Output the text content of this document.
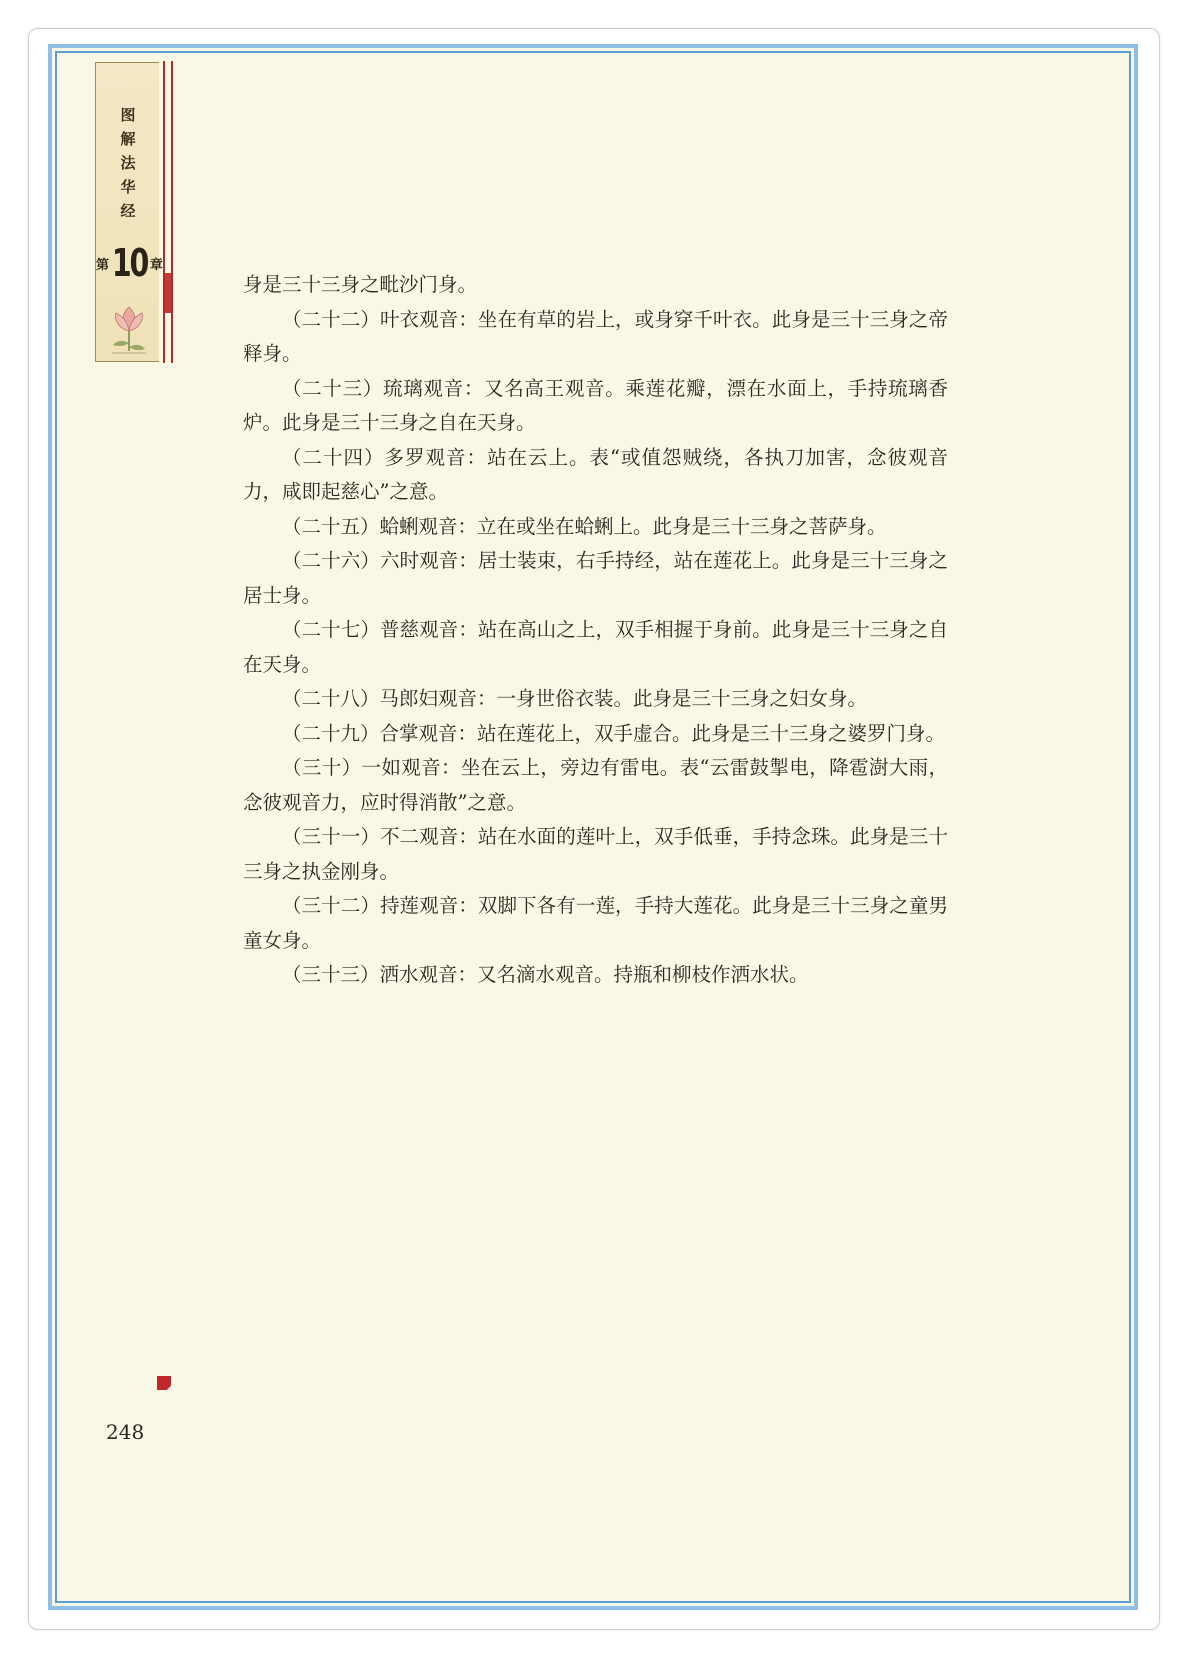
图
解
法
华
经
第10 章

身是三十三身之毗沙门身。

（二十二）叶衣观音：坐在有草的岩上，或身穿千叶衣。此身是三十三身之帝释身。

（二十三）琉璃观音：又名高王观音。乘莲花瓣，漂在水面上，手持琉璃香炉。此身是三十三身之自在天身。

（二十四）多罗观音：站在云上。表“或值怨贼绕，各执刀加害，念彼观音力，咸即起慈心”之意。

（二十五）蛤蜊观音：立在或坐在蛤蜊上。此身是三十三身之菩萨身。

（二十六）六时观音：居士装束，右手持经，站在莲花上。此身是三十三身之居士身。

（二十七）普慈观音：站在高山之上，双手相握于身前。此身是三十三身之自在天身。

（二十八）马郎妇观音：一身世俗衣装。此身是三十三身之妇女身。

（二十九）合掌观音：站在莲花上，双手虚合。此身是三十三身之婆罗门身。

（三十）一如观音：坐在云上，旁边有雷电。表“云雷鼓掣电，降雹澍大雨，念彼观音力，应时得消散”之意。

（三十一）不二观音：站在水面的莲叶上，双手低垂，手持念珠。此身是三十三身之执金刚身。

（三十二）持莲观音：双脚下各有一莲，手持大莲花。此身是三十三身之童男童女身。

（三十三）洒水观音：又名滴水观音。持瓶和柳枝作洒水状。

248
